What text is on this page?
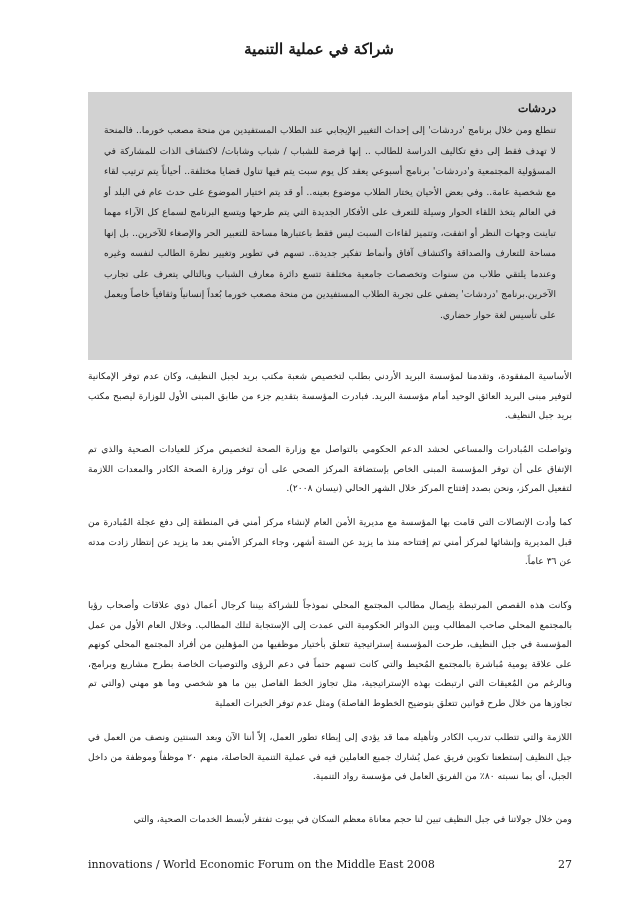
شراكة في عملية التنمية
دردشات
تنطلع ومن خلال برنامج 'دردشات' إلى إحداث التغيير الإيجابي عند الطلاب المستفيدين من منحة مصعب خورما.. فالمنحة لا تهدف فقط إلى دفع تكاليف الدراسة للطالب .. إنها فرصة للشباب / شباب وشابات/ لاكتشاف الذات للمشاركة في المسؤولية المجتمعية و'دردشات' برنامج أسبوعي يعقد كل يوم سبت يتم فيها تناول قضايا مختلفة.. أحياناً يتم ترتيب لقاء مع شخصية عامة.. وفي بعض الأحيان يختار الطلاب موضوع بعينه.. أو قد يتم اختيار الموضوع على حدث عام في البلد أو في العالم يتخذ اللقاء الحوار وسيلة للتعرف على الأفكار الجديدة التي يتم طرحها ويتسع البرنامج لسماع كل الآراء مهما تباينت وجهات النظر أو اتفقت، وتتميز لقاءات السبت ليس فقط باعتبارها مساحة للتعبير الحر والإصغاء للآخرين.. بل إنها مساحة للتعارف والصداقة واكتشاف آفاق وأنماط تفكير جديدة.. تسهم في تطوير وتغيير نظرة الطالب لنفسه وغيره وعندما يلتقي طلاب من سنوات وتخصصات جامعية مختلفة تتسع دائرة معارف الشباب وبالتالي يتعرف على تجارب الآخرين.برنامج 'دردشات' يضفي على تجربة الطلاب المستفيدين من منحة مصعب خورما بُعداً إنسانياً وثقافياً خاصاً ويعمل على تأسيس لغة حوار حضاري.
الأساسية المفقودة، وتقدمنا لمؤسسة البريد الأردني بطلب لتخصيص شعبة مكتب بريد لجبل النظيف، وكان عدم توفر الإمكانية لتوفير مبنى البريد العائق الوحيد أمام مؤسسة البريد. فبادرت المؤسسة بتقديم جزء من طابق المبنى الأول للوزارة ليصبح مكتب بريد جبل النظيف.
وتواصلت المُبادرات والمساعي لحشد الدعم الحكومي بالتواصل مع وزارة الصحة لتخصيص مركز للعيادات الصحية والذي تم الإتفاق على أن توفر المؤسسة المبنى الخاص بإستضافة المركز الصحي على أن توفر وزارة الصحة الكادر والمعدات اللازمة لتفعيل المركز، ونحن بصدد إفتتاح المركز خلال الشهر الحالي (نيسان ٢٠٠٨).
كما وأدت الإتصالات التي قامت بها المؤسسة مع مديرية الأمن العام لإنشاء مركز أمني في المنطقة إلى دفع عجلة المُبادرة من قبل المديرية وإنشائها لمركز أمني تم إفتتاحه منذ ما يزيد عن الستة أشهر، وجاء المركز الأمني بعد ما يزيد عن إنتظار زادت مدته عن ٣٦ عاماً.
وكانت هذه القصص المرتبطة بإيصال مطالب المجتمع المحلي نموذجاً للشراكة بيننا كرجال أعمال ذوي علاقات وأصحاب رؤيا بالمجتمع المحلي صاحب المطالب وبين الدوائر الحكومية التي عمدت إلى الإستجابة لتلك المطالب. وخلال العام الأول من عمل المؤسسة في جبل النظيف، طرحت المؤسسة إستراتيجية تتعلق بأختيار موظفيها من المؤهلين من أفراد المجتمع المحلي كونهم على علاقة يومية مُباشرة بالمجتمع المُحيط والتي كانت تسهم حتماً في دعم الرؤى والتوصيات الخاصة بطرح مشاريع وبرامج، وبالرغم من المُعيقات التي ارتبطت بهذه الإستراتيجية، مثل تجاوز الخط الفاصل بين ما هو شخصي وما هو مهني (والتي تم تجاوزها من خلال طرح قوانين تتعلق بتوضيح الخطوط الفاصلة) ومثل عدم توفر الخبرات العملية
اللازمة والتي تتطلب تدريب الكادر وتأهيله مما قد يؤدي إلى إبطاء تطور العمل، إلاّ أننا الآن وبعد السنتين ونصف من العمل في جبل النظيف إستطعنا تكوين فريق عمل يُشارك جميع العاملين فيه في عملية التنمية الحاصلة، منهم ٢٠ موظفاً وموظفة من داخل الجبل، أي بما نسبته ٨٠٪ من الفريق العامل في مؤسسة رواد التنمية.
ومن خلال جولاتنا في جبل النظيف تبين لنا حجم معاناة معظم السكان في بيوت تفتقر لأبسط الخدمات الصحية، والتي
innovations / World Economic Forum on the Middle East 2008	27
